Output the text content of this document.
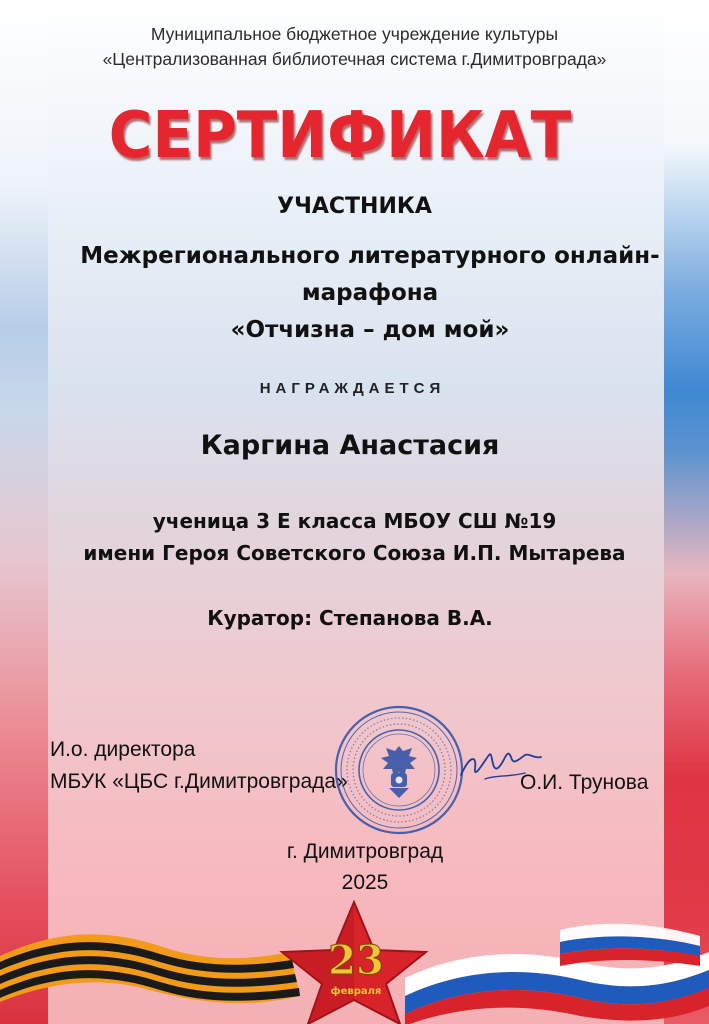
Муниципальное бюджетное учреждение культуры
«Централизованная библиотечная система г.Димитровграда»
СЕРТИФИКАТ
УЧАСТНИКА
Межрегионального литературного онлайн-
марафона
«Отчизна – дом мой»
НАГРАЖДАЕТСЯ
Каргина Анастасия
ученица 3 Е класса МБОУ СШ №19
имени Героя Советского Союза И.П. Мытарева
Куратор: Степанова В.А.
И.о. директора
МБУК «ЦБС г.Димитровграда»	О.И. Трунова
г. Димитровград
2025
23
февраля
